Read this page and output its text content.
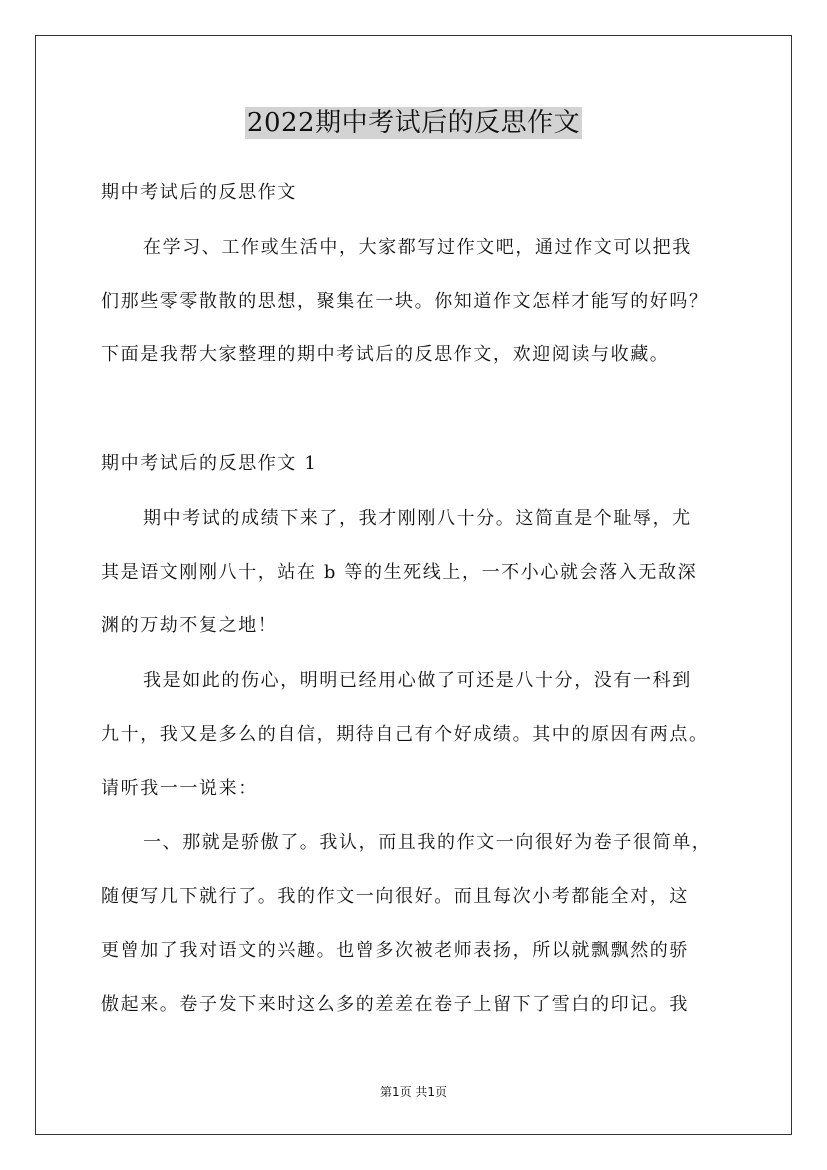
2022期中考试后的反思作文
期中考试后的反思作文
在学习、工作或生活中，大家都写过作文吧，通过作文可以把我
们那些零零散散的思想，聚集在一块。你知道作文怎样才能写的好吗？
下面是我帮大家整理的期中考试后的反思作文，欢迎阅读与收藏。
期中考试后的反思作文 1
期中考试的成绩下来了，我才刚刚八十分。这简直是个耻辱，尤
其是语文刚刚八十，站在 b 等的生死线上，一不小心就会落入无敌深
渊的万劫不复之地！
我是如此的伤心，明明已经用心做了可还是八十分，没有一科到
九十，我又是多么的自信，期待自己有个好成绩。其中的原因有两点。
请听我一一说来：
一、那就是骄傲了。我认，而且我的作文一向很好为卷子很简单，
随便写几下就行了。我的作文一向很好。而且每次小考都能全对，这
更曾加了我对语文的兴趣。也曾多次被老师表扬，所以就飘飘然的骄
傲起来。卷子发下来时这么多的差差在卷子上留下了雪白的印记。我
第1页 共1页
